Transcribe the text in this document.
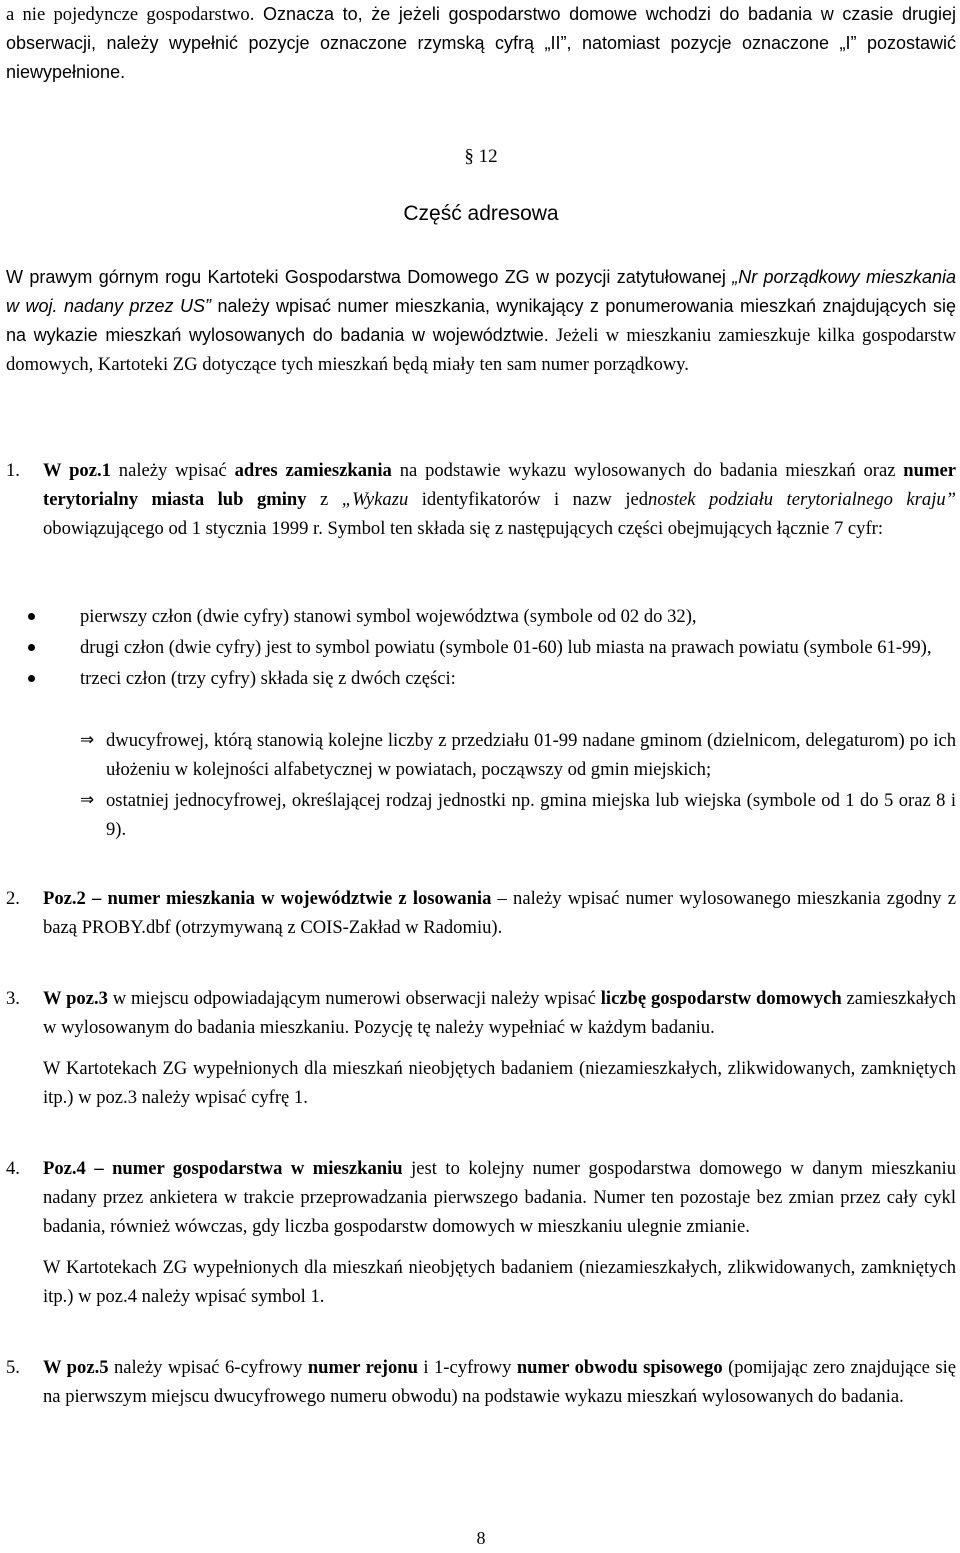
a nie pojedyncze gospodarstwo. Oznacza to, że jeżeli gospodarstwo domowe wchodzi do badania w czasie drugiej obserwacji, należy wypełnić pozycje oznaczone rzymską cyfrą „II”, natomiast pozycje oznaczone „I” pozostawić niewypełnione.

§ 12
Część adresowa

W prawym górnym rogu Kartoteki Gospodarstwa Domowego ZG w pozycji zatytułowanej „Nr porządkowy mieszkania w woj. nadany przez US” należy wpisać numer mieszkania, wynikający z ponumerowania mieszkań znajdujących się na wykazie mieszkań wylosowanych do badania w województwie. Jeżeli w mieszkaniu zamieszkuje kilka gospodarstw domowych, Kartoteki ZG dotyczące tych mieszkań będą miały ten sam numer porządkowy.

1. W poz.1 należy wpisać adres zamieszkania na podstawie wykazu wylosowanych do badania mieszkań oraz numer terytorialny miasta lub gminy z „Wykazu identyfikatorów i nazw jednostek podziału terytorialnego kraju” obowiązującego od 1 stycznia 1999 r. Symbol ten składa się z następujących części obejmujących łącznie 7 cyfr:

pierwszy człon (dwie cyfry) stanowi symbol województwa (symbole od 02 do 32),
drugi człon (dwie cyfry) jest to symbol powiatu (symbole 01-60) lub miasta na prawach powiatu (symbole 61-99),
trzeci człon (trzy cyfry) składa się z dwóch części:
⇒ dwucyfrowej, którą stanowią kolejne liczby z przedziału 01-99 nadane gminom (dzielnicom, delegaturom) po ich ułożeniu w kolejności alfabetycznej w powiatach, począwszy od gmin miejskich;
⇒ ostatniej jednocyfrowej, określającej rodzaj jednostki np. gmina miejska lub wiejska (symbole od 1 do 5 oraz 8 i 9).
2. Poz.2 – numer mieszkania w województwie z losowania – należy wpisać numer wylosowanego mieszkania zgodny z bazą PROBY.dbf (otrzymywaną z COIS-Zakład w Radomiu).

3. W poz.3 w miejscu odpowiadającym numerowi obserwacji należy wpisać liczbę gospodarstw domowych zamieszkałych w wylosowanym do badania mieszkaniu. Pozycję tę należy wypełniać w każdym badaniu.

W Kartotekach ZG wypełnionych dla mieszkań nieobjętych badaniem (niezamieszkałych, zlikwidowanych, zamkniętych itp.) w poz.3 należy wpisać cyfrę 1.

4. Poz.4 – numer gospodarstwa w mieszkaniu jest to kolejny numer gospodarstwa domowego w danym mieszkaniu nadany przez ankietera w trakcie przeprowadzania pierwszego badania. Numer ten pozostaje bez zmian przez cały cykl badania, również wówczas, gdy liczba gospodarstw domowych w mieszkaniu ulegnie zmianie.

W Kartotekach ZG wypełnionych dla mieszkań nieobjętych badaniem (niezamieszkałych, zlikwidowanych, zamkniętych itp.) w poz.4 należy wpisać symbol 1.

5. W poz.5 należy wpisać 6-cyfrowy numer rejonu i 1-cyfrowy numer obwodu spisowego (pomijając zero znajdujące się na pierwszym miejscu dwucyfrowego numeru obwodu) na podstawie wykazu mieszkań wylosowanych do badania.

8
